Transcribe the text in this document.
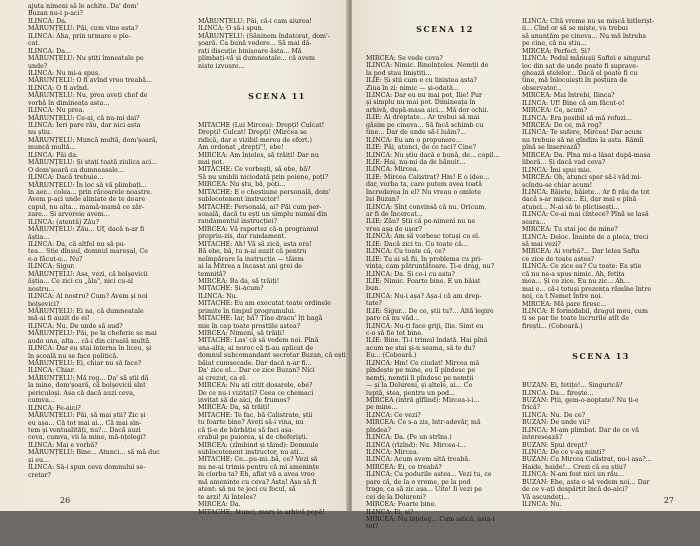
ajuta nimeni să le achite. Da' dom'
Buzan nu-i p-aci?
ILINCA: Da.
MĂRUNȚELU: Păi, cum vine asta?
ILINCA: Aha, prin urmare e pie-
cat.
ILINCA: Da...
MĂRUNȚELU: Nu știți îmneatale pe
unde?
ILINCA: Nu mi-a spus.
MĂRUNȚELU: O fi avînd vreo treabă...
ILINCA: O fi avînd.
MĂRUNȚELU: Nu, prea aveți chef de
vorbă în dimineața asta...
ILINCA: Nu prea.
MĂRUNȚELU: Ce-ai, că nu-mi dai?
ILINCA: Ieri pare rău, dar nici asta
nu știu.
MĂRUNȚELU: Muncă multă, dom'șoară,
muncă multă...
ILINCA: Păi da.
MĂRUNȚELU: Și stați toată ziulica aci...
O dom'șoară ca dumneasale...
ILINCA: Dacă trebuie...
MĂRUNȚELU: În loc să vă plimbați...
în aer... colea... prin răcoarele noastre.
Avem p-aci unde aliniate de te doare
capul, nu alta... mamă-mamă ce zăr-
zare... Și arvoreie avem...
ILINCA: (atentă) Zău?
MĂRUNȚELU: Zău... Uf, dacă n-ar fi
ăștia...
ILINCA: Da, că altfel nu să pu-
tea... Stie dînsul, domnul mareșal, Ce
e-a făcut-o... Nu?
ILINCA: Sigur.
MĂRUNȚELU: Asa, vezi, că bolșevicii
ăștia... Ce zici cu „ăla", nici cu-al
nostru...
ILINCA: Al nostru? Cum? Avem și noi
bolșevici?
MĂRUNȚELU: Ei na, că dumneatale
mă-ai fi auzit de ei!
ILINCA: Nu. De unde să aud?
MĂRUNȚELU: Păi, pe la cheferie se mai
aude una, alta... că-i din cireală multă.
ILINCA: Dar eu stai interna în liceu, și
în școală nu se face politică.
MĂRUNȚELU: Ei, chiar nu să face?
ILINCA: Chiar.
MĂRUNȚELU: Mă rog... Da' să știi dă
la mine, dom'șoară, că bolșevicii sînt
periculoși. Asa că dacă auzi ceva,
cumva...
ILINCA: Fe-aici?
MĂRUNȚELU: Păi, să mai știi? Zic și
eu așa... Că tot mai ai... Că mai sin-
tem și ventualități, nu?... Dacă auzi
ceva, cumva, vii la mine, mă-nțelegi?
ILINCA: Mai e vorbă?
MĂRUNȚELU: Bine... Atunci... să mă duc
și eu...
ILINCA: Să-i spun ceva domnului se-
cretar?

MĂRUNȚELU: Păi, că-i cam aiurea!
ILINCA: O să-i spun.
MĂRUNȚELU: (Săninem îndatorat, dom'-
șoară. Ca bună vedere... Să mai dă-
rați discuție binișoare ăsta... Mă
plimbați-vă și dumneatale... că avem
niște izvoare...

SCENA 11

MITACHE (Lui Mircea): Drepți! Culcat!
Drepți! Culcat! Drepți! (Mircea se
ridică, dar e vizibil mereu de efort.)
Am ordonat „drepți"!, ebe!
MIRCEA: Am înțeles, să trăiți! Dar nu
mai pot.
MITACHE: Ce vorbești, să ebe, bă?
Să nu umblii niciodată prin poiene, poți?
MIRCEA: Nu ștu, bă, poți...
MITACHE: E o chestiune personală, dom'
sublocotenent instructor!
MITACHE: Personală, ai? Păi cum per-
sonală, dacă tu ești un simplu numai din
randamentul instrucției?
MIRCEA: Vă raportez că-n programul
propriu-zis, dar randament.
MITACHE: Ah! Vă să zică, asta era!
Bă ebe, bă, tu n-ai auzit că pentru
neîmpărare la instrucție — tăiem
ai la Mitrea a încasat ani grei de
temniță?
MIRCEA: Ba da, să trăiți!
MITACHE: Și-acum?
ILINCA: Nu.
MITACHE: Eu am executat toate ordinele
primite în timpul programului.
MITACHE: Iar, bă? Ține dracu' îți bagă
mie în cap toate prostiile astea?
MIRCEA: Nimeni, să trăiți!
MITACHE: Las' că să vedem noi. Pînă
una-alta, ai noroc că ți-au aplicat de
domnul subcomandant secretar Buzan, că ești
băiat cumsecade. Dar dacă n-ar fi...
Da' zice el... Dar ce zice Buzan? Nici
ai crezut, ca el.
MIRCEA: Nu ați citit dosarele, ebe?
De ce nu-i vizitați? Ceea ce chemaci
invitat să de aici, de frumos?
MIRCEA: Da, să trăiți!
MITACHE: Te fac, bă Calistrate, știi
tu foarte bine? Aveți să-i vina, nu
că ți-e de bărbăție să faci așa-
crabul pe puiorea, și de cheferiști.
MIRCEA: (zîmbind și tăind): Domnule
sublocotenent instructor, nu ați...
MITACHE: Ce...pu-mi..bă, ce? Vezi să
nu ne-ai trimis pentru că mi amenințe
în ciorba ta? Eh, aflat vă a avea vreo
mă amenințe cu ceva? Asta! Așa să fi
atent: să nu te joci cu focul, să
te arzi! Ai înțeles?
MIRCEA: Da.
MITACHE: Atunci, marș la arhivă popă!

26

SCENA 12

MIRCEA: Se vede ceva?
ILINCA: Nimic. Binelnțeles. Nemții de
la pod stau liniștiți...
ILIE: Și stii cum e cu liniștea asta?
Ziua în zi: nimic — și-odată...
ILINCA: Dar eu nu mai pot, Ilie! Pur
și simplu nu mai pot. Dimineața în
arhivă, după-masa aici... Mă dor ochii.
ILIE: Ai dreptate... Ar trebui să mai
găsim pe cineva... Să facă schimb cu
tine... Dar de unde să-l luăm?...
ILINCA: Eu am o propunere...
ILIE: Păi, atunci, de ce taci? Cine?
ILINCA: Nu știu dacă e bună, de... copil...
ILIE: Hai, nu-mi da de bănuit...
ILINCA: Mircea.
ILIE: Mircea Calistrat? Hm! E o idee...
dar, vorba ta, care putem avea toată
încrederea în el? Nu vreau o omlete
lui Buzan?
ILINCA: Sînt convinsă că nu. Oricum,
ar fi de încercat...
ILIE: Zău? Știi că pe-nimeni nu ne
vrea așa de ușor?
ILINCA: Am să vorbesc totuși cu el.
ILIE: Dacă zici tu. Cu toate că...
ILINCA: Cu toate că, ce?
ILIE: Tu ai să fii, în problema cu pri-
vința, cam pătrunțătoare. Ți-e drag, nu?
ILINCA: Da. Și ce-i cu asta?
ILIE: Nimic. Foarte bine. E un băiat
bun.
ILINCA: Nu-i așa? Așa-i că am drep-
tate?
ILIE: Sigur... De ce, știi tu?... Altă legire
pare că nu văd...
ILINCA: Nu-ți face griji, Ilie. Simt eu
c-o să fie tot bine.
ILIE: Bine. Ți-i trimul îndată. Hai pînă
acum ne stai și-n seama, să te du?
Eu... (Coboară.)
ILINCA: Hm! Ce ciudat! Mircea mă
pîndește pe mine, eu îl pîndesc pe
nemți, nemții îi pîndesc pe nemții
— și la Delureni, și altele, ai... Ce
luptă, stea, pentru un pod...
MIRCEA (intră gîfîind): Mircea-i-i...
pe mine...
ILINCA: Ce vezi?
MIRCEA: Ce s-a zis, într-adevăr, mă
pîndea?
ILINCA: Da. (Pe un strîns.)
ILINCA (rîzînd): Nu. Mircea-i...
ILINCA: Mircea.
ILINCA: Acum avem altă treabă.
MIRCEA: Ei, ce treabă?
ILINCA: Cu podurile astea... Vezi tu, ce
pare că, de la o vreme, pe la pod
trage, ca să zic așa... Uite! Ii vezi pe
cei de la Delureni?
MIRCEA: Foarte bine.
ILINCA: Ei, și?
MIRCEA: Nu înțeleg... Cum adică, asta-i
tot?

ILINCA: Cîtă vreme nu se mișcă hitlerișt-
ii... Cînd or să se miște, va trebui
să anunțăm pe cineva... Nu mă întreba
pe cine, că nu știu...
MIRCEA: Perfect. Și?
ILINCA: Podul mănușii Saftei e singurul
loc din sat de unde poate fi suprave-
ghează stelelor... Dacă el poate fi cu
tine, mă înlocuiești în postura de
observator...
MIRCEA: Mai întrebi, Ilinca?
ILINCA: Uf! Bine că am făcut-o!
MIRCEA: Ce, acum?
ILINCA: Era posibil să mă refuzi...
MIRCEA: De ce, mă rog?
ILINCA: Te sufere, Mircea! Dar acum
nu trebuie să ne gîndim la asta. Rămîi
pînă se înserează?
MIRCEA: Da. Pîna mi-a lăsat după-masa
liberă... Și dacă vad ceva?
ILINCA: Îmi spui mie.
MIRCEA: Oh, atunci sper să-i văd mi-
șcîndu-se chiar acum!
ILINCA: Băiete, băiete... Ar fi rău de tot
dacă s-ar mișca... Ei, dar mai e pînă
atunci... N-ai să te plictisești...
ILINCA: Ce-ai mai cîntece? Pînă se lasă
seara...
MIRCEA: Tu stai joc de mine?
ILINCA: Deloc. Înainte de a pleca, treci
să mai vezi?
MIRCEA: Ai vorbă?... Dar lelea Safta
ce zice de toate astea?
ILINCA: Ce zice ea? Cu toate: Ea știe
că nu ne-a spus nimic. Ah, fetița
mea... Și ce zice. Eu nu zic... Ah...
mai e... că-i totuși prezența rămîne între
noi, ca t Nemeț între noi.
MIRCEA: Mă pare firesc...
ILINCA: E formidabil, dragul meu, cum
ti se par tie toate lucrurile atît de
firești... (Coboară.)

SCENA 13

BUZAN: Ei, fetițo!... Singurică?
ILINCA: Da... firește...
BUZAN: Ptii, gem-o-noptate? Nu ți-e
frică?
ILINCA: Nu. De ce?
BUZAN: De unde vii?
ILINCA: M-am plimbat. Dar de ce vă
interesează?
BUZAN: Spui drept?
ILINCA: De ce v-aș minți?
BUZAN: Cu Mircea Calistrat, nu-i așa?...
Haide, haide!... Crezi că eu știu?
ILINCA: N-am fost nici un rău...
BUZAN: Ehe, asta o să vedem noi... Dar
de ce v-ați despărțit încă de-aici?
Vă ascundeți...
ILINCA: Nu.

	27
